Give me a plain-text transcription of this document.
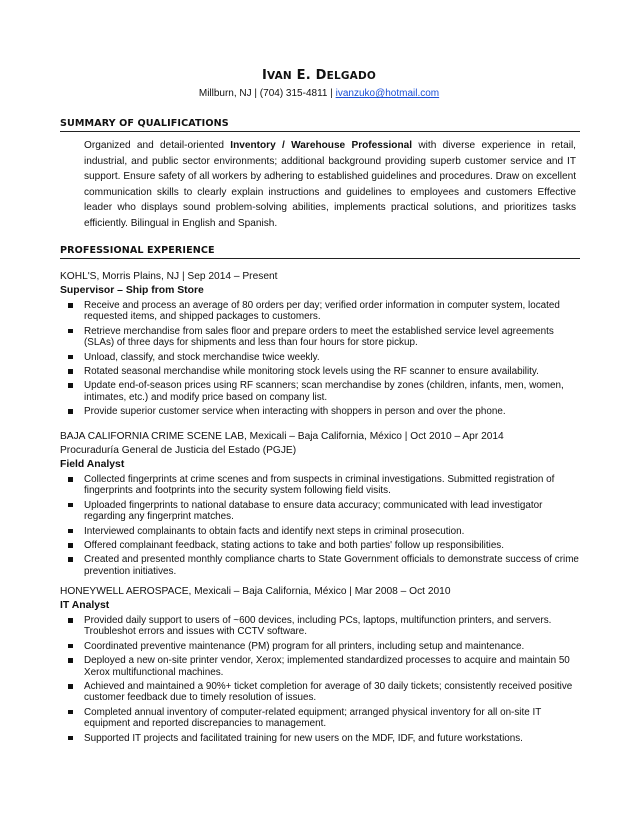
IVAN E. DELGADO
Millburn, NJ | (704) 315-4811 | ivanzuko@hotmail.com
SUMMARY OF QUALIFICATIONS
Organized and detail-oriented Inventory / Warehouse Professional with diverse experience in retail, industrial, and public sector environments; additional background providing superb customer service and IT support. Ensure safety of all workers by adhering to established guidelines and procedures. Draw on excellent communication skills to clearly explain instructions and guidelines to employees and customers Effective leader who displays sound problem-solving abilities, implements practical solutions, and prioritizes tasks efficiently. Bilingual in English and Spanish.
PROFESSIONAL EXPERIENCE
KOHL'S, Morris Plains, NJ | Sep 2014 – Present
Supervisor – Ship from Store
Receive and process an average of 80 orders per day; verified order information in computer system, located requested items, and shipped packages to customers.
Retrieve merchandise from sales floor and prepare orders to meet the established service level agreements (SLAs) of three days for shipments and less than four hours for store pickup.
Unload, classify, and stock merchandise twice weekly.
Rotated seasonal merchandise while monitoring stock levels using the RF scanner to ensure availability.
Update end-of-season prices using RF scanners; scan merchandise by zones (children, infants, men, women, intimates, etc.) and modify price based on company list.
Provide superior customer service when interacting with shoppers in person and over the phone.
BAJA CALIFORNIA CRIME SCENE LAB, Mexicali – Baja California, México | Oct 2010 – Apr 2014
Procuraduría General de Justicia del Estado (PGJE)
Field Analyst
Collected fingerprints at crime scenes and from suspects in criminal investigations. Submitted registration of fingerprints and footprints into the security system following field visits.
Uploaded fingerprints to national database to ensure data accuracy; communicated with lead investigator regarding any fingerprint matches.
Interviewed complainants to obtain facts and identify next steps in criminal prosecution.
Offered complainant feedback, stating actions to take and both parties' follow up responsibilities.
Created and presented monthly compliance charts to State Government officials to demonstrate success of crime prevention initiatives.
HONEYWELL AEROSPACE, Mexicali – Baja California, México | Mar 2008 – Oct 2010
IT Analyst
Provided daily support to users of ~600 devices, including PCs, laptops, multifunction printers, and servers. Troubleshot errors and issues with CCTV software.
Coordinated preventive maintenance (PM) program for all printers, including setup and maintenance.
Deployed a new on-site printer vendor, Xerox; implemented standardized processes to acquire and maintain 50 Xerox multifunctional machines.
Achieved and maintained a 90%+ ticket completion for average of 30 daily tickets; consistently received positive customer feedback due to timely resolution of issues.
Completed annual inventory of computer-related equipment; arranged physical inventory for all on-site IT equipment and reported discrepancies to management.
Supported IT projects and facilitated training for new users on the MDF, IDF, and future workstations.
